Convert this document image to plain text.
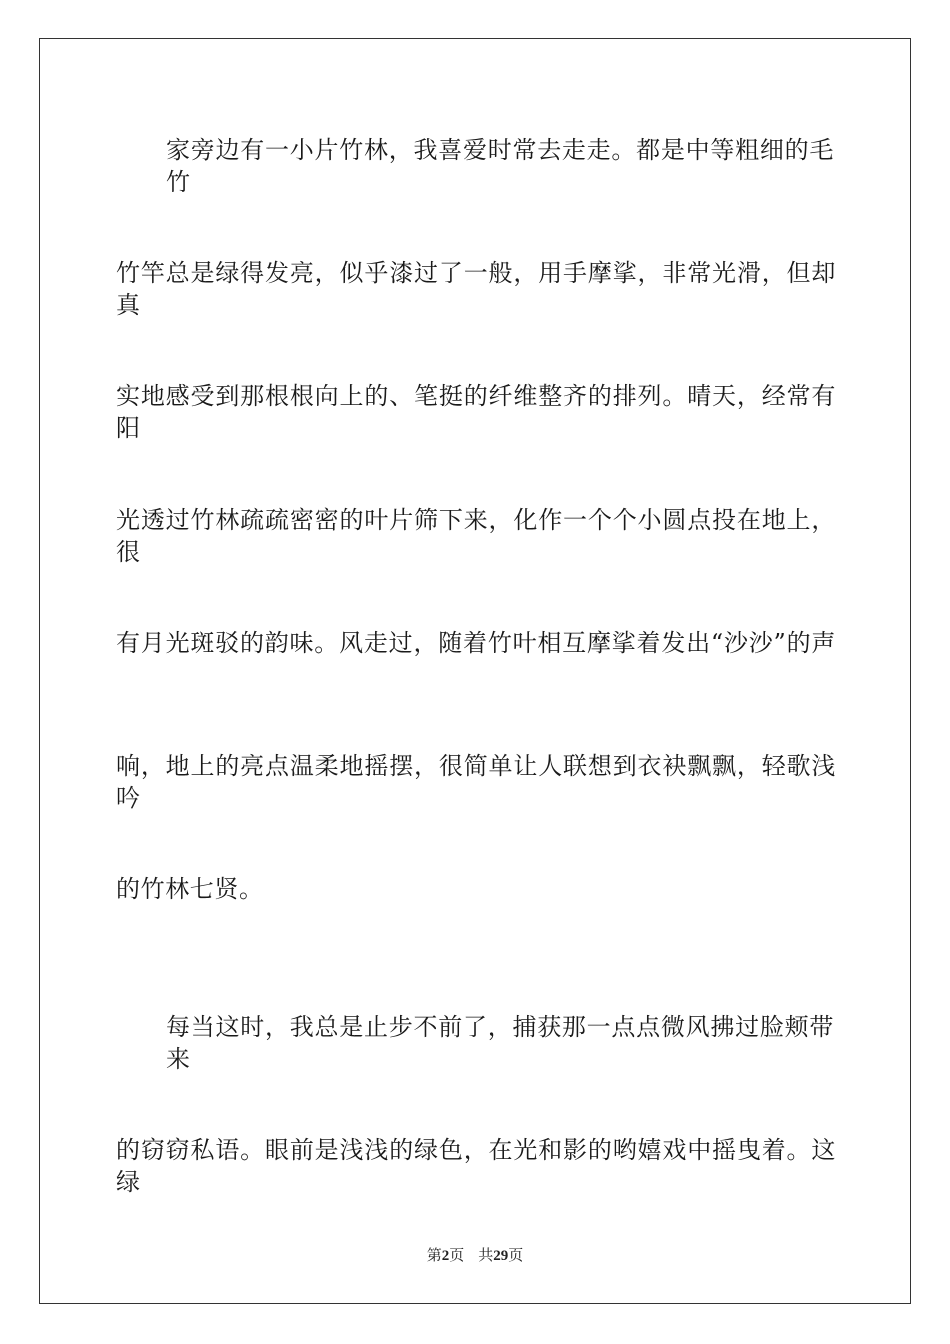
家旁边有一小片竹林，我喜爱时常去走走。都是中等粗细的毛竹
竹竿总是绿得发亮，似乎漆过了一般，用手摩挲，非常光滑，但却真
实地感受到那根根向上的、笔挺的纤维整齐的排列。晴天，经常有阳
光透过竹林疏疏密密的叶片筛下来，化作一个个小圆点投在地上，很
有月光斑驳的韵味。风走过，随着竹叶相互摩挲着发出“沙沙”的声
响，地上的亮点温柔地摇摆，很简单让人联想到衣袂飘飘，轻歌浅吟
的竹林七贤。
每当这时，我总是止步不前了，捕获那一点点微风拂过脸颊带来
的窃窃私语。眼前是浅浅的绿色，在光和影的哟嬉戏中摇曳着。这绿
第2页 共29页
